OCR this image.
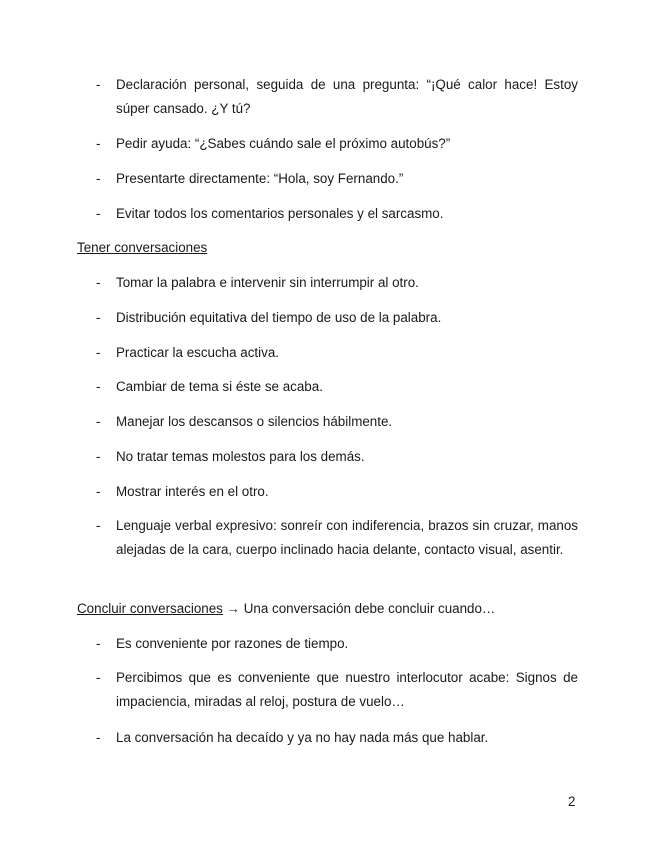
- Declaración personal, seguida de una pregunta: “¡Qué calor hace! Estoy súper cansado. ¿Y tú?
- Pedir ayuda: “¿Sabes cuándo sale el próximo autobús?”
- Presentarte directamente: “Hola, soy Fernando.”
- Evitar todos los comentarios personales y el sarcasmo.
Tener conversaciones
- Tomar la palabra e intervenir sin interrumpir al otro.
- Distribución equitativa del tiempo de uso de la palabra.
- Practicar la escucha activa.
- Cambiar de tema si éste se acaba.
- Manejar los descansos o silencios hábilmente.
- No tratar temas molestos para los demás.
- Mostrar interés en el otro.
- Lenguaje verbal expresivo: sonreír con indiferencia, brazos sin cruzar, manos alejadas de la cara, cuerpo inclinado hacia delante, contacto visual, asentir.
Concluir conversaciones → Una conversación debe concluir cuando…
- Es conveniente por razones de tiempo.
- Percibimos que es conveniente que nuestro interlocutor acabe: Signos de impaciencia, miradas al reloj, postura de vuelo…
- La conversación ha decaído y ya no hay nada más que hablar.
2
